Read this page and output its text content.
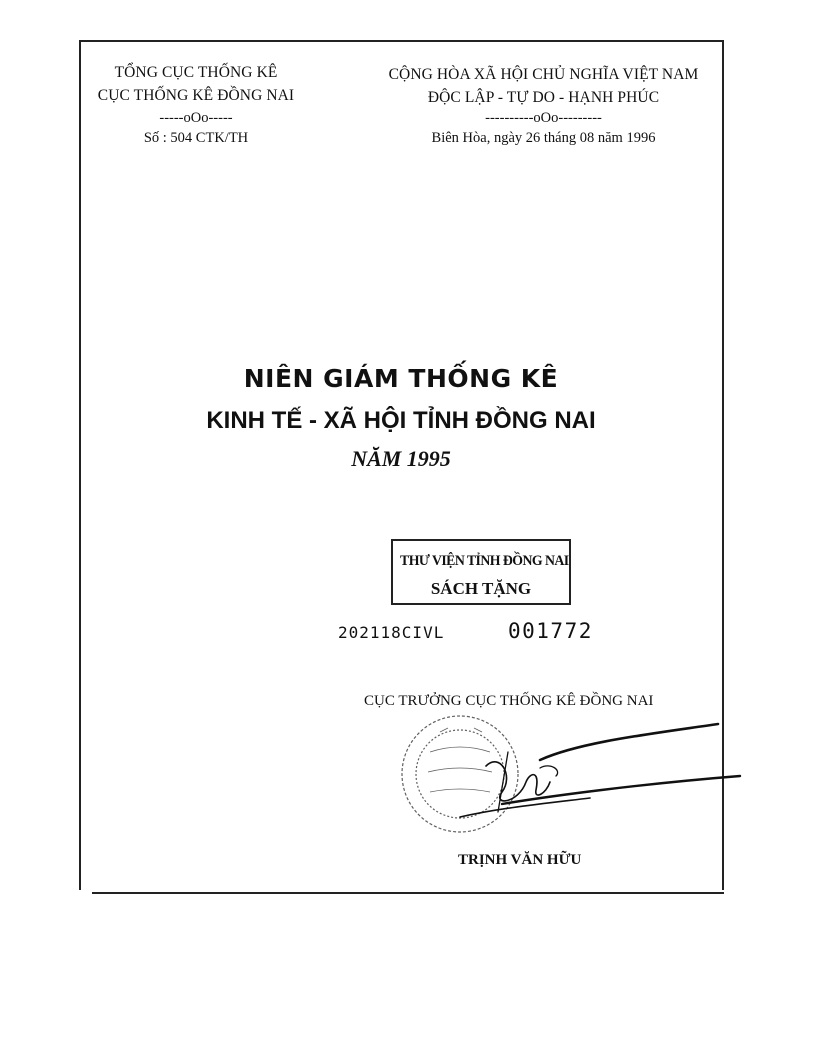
TỔNG CỤC THỐNG KÊ
CỤC THỐNG KÊ ĐỒNG NAI
-----oOo-----
Số : 504 CTK/TH
CỘNG HÒA XÃ HỘI CHỦ NGHĨA VIỆT NAM
ĐỘC LẬP - TỰ DO - HẠNH PHÚC
----------oOo---------
Biên Hòa, ngày 26 tháng 08 năm 1996
NIÊN GIÁM THỐNG KÊ
KINH TẾ - XÃ HỘI TỈNH ĐỒNG NAI
NĂM 1995
THƯ VIỆN TỈNH ĐỒNG NAI
SÁCH TẶNG
202118CIVL	001772
CỤC TRƯỞNG CỤC THỐNG KÊ ĐỒNG NAI
TRỊNH VĂN HỮU
